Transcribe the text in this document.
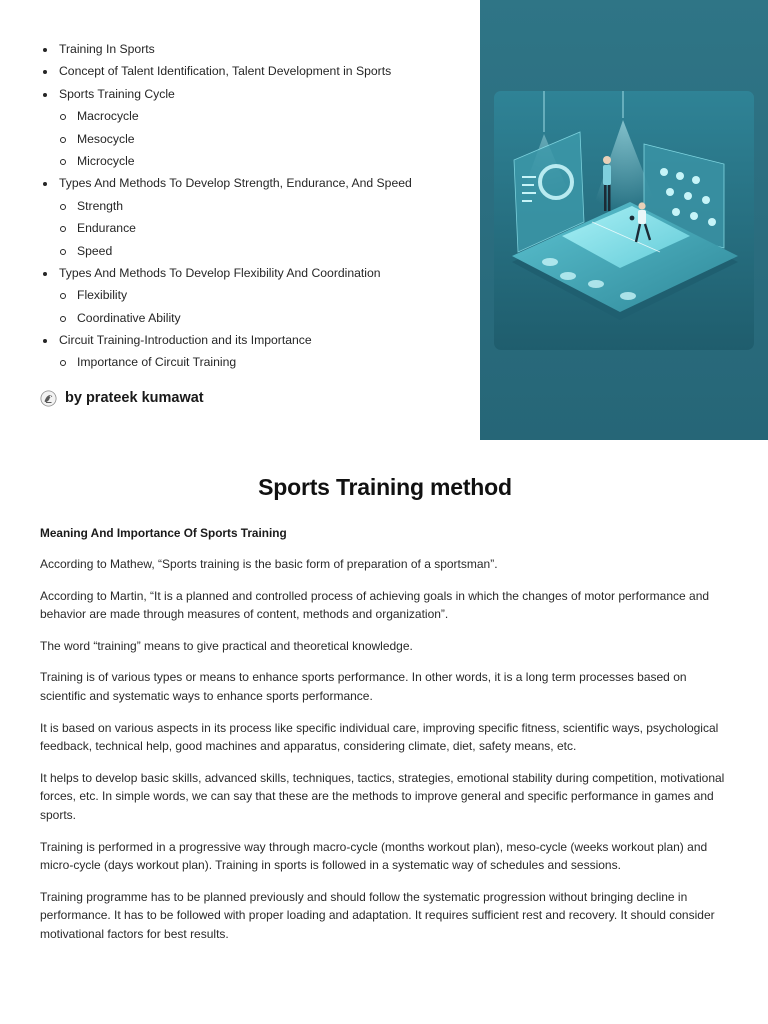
Training In Sports
Concept of Talent Identification, Talent Development in Sports
Sports Training Cycle
Macrocycle
Mesocycle
Microcycle
Types And Methods To Develop Strength, Endurance, And Speed
Strength
Endurance
Speed
Types And Methods To Develop Flexibility And Coordination
Flexibility
Coordinative Ability
Circuit Training-Introduction and its Importance
Importance of Circuit Training
by prateek kumawat
Sports Training method
Meaning And Importance Of Sports Training

According to Mathew, “Sports training is the basic form of preparation of a sportsman”.

According to Martin, “It is a planned and controlled process of achieving goals in which the changes of motor performance and behavior are made through measures of content, methods and organization”.

The word “training” means to give practical and theoretical knowledge.

Training is of various types or means to enhance sports performance. In other words, it is a long term processes based on scientific and systematic ways to enhance sports performance.

It is based on various aspects in its process like specific individual care, improving specific fitness, scientific ways, psychological feedback, technical help, good machines and apparatus, considering climate, diet, safety means, etc.

It helps to develop basic skills, advanced skills, techniques, tactics, strategies, emotional stability during competition, motivational forces, etc. In simple words, we can say that these are the methods to improve general and specific performance in games and sports.

Training is performed in a progressive way through macro-cycle (months workout plan), meso-cycle (weeks workout plan) and micro-cycle (days workout plan). Training in sports is followed in a systematic way of schedules and sessions.

Training programme has to be planned previously and should follow the systematic progression without bringing decline in performance. It has to be followed with proper loading and adaptation. It requires sufficient rest and recovery. It should consider motivational factors for best results.
